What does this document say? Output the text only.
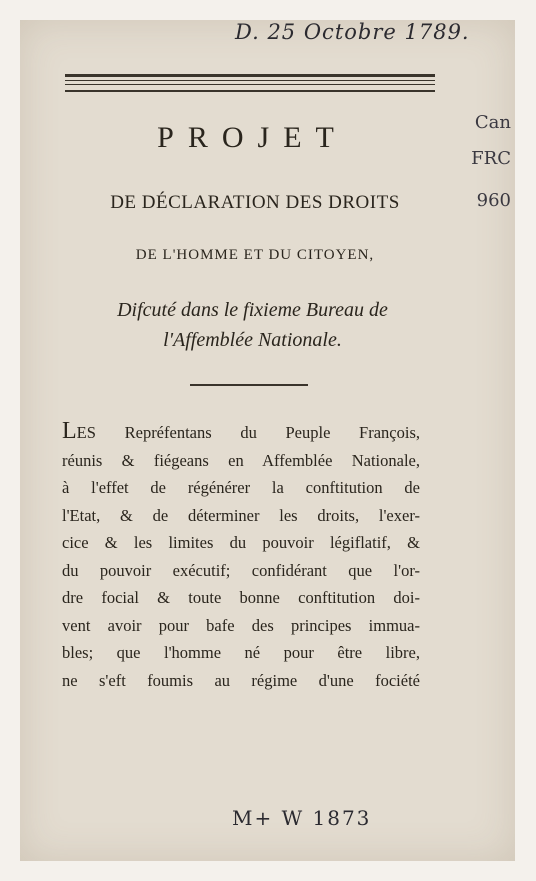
D. 25 Octobre 1789.
Can
FRC
960
PROJET
DE DÉCLARATION DES DROITS
DE L'HOMME ET DU CITOYEN,
Difcuté dans le fixieme Bureau de
l'Affemblée Nationale.
LES Repréfentans du Peuple François,
réunis & fiégeans en Affemblée Nationale,
à l'effet de régénérer la conftitution de
l'Etat, & de déterminer les droits, l'exer-
cice & les limites du pouvoir légiflatif, &
du pouvoir exécutif; confidérant que l'or-
dre focial & toute bonne conftitution doi-
vent avoir pour bafe des principes immua-
bles; que l'homme né pour être libre,
ne s'eft foumis au régime d'une fociété
M+ W 1873
